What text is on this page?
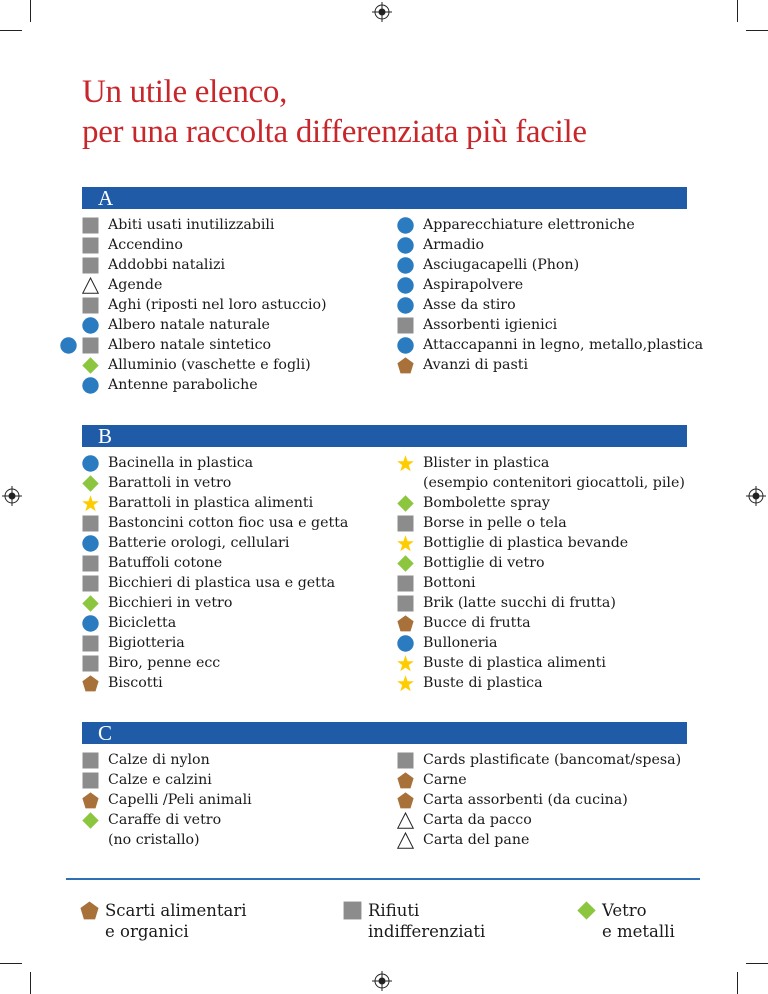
Un utile elenco,
per una raccolta differenziata più facile
A
Abiti usati inutilizzabili
Accendino
Addobbi natalizi
Agende
Aghi (riposti nel loro astuccio)
Albero natale naturale
Albero natale sintetico
Alluminio (vaschette e fogli)
Antenne paraboliche
Apparecchiature elettroniche
Armadio
Asciugacapelli (Phon)
Aspirapolvere
Asse da stiro
Assorbenti igienici
Attaccapanni in legno, metallo,plastica
Avanzi di pasti
B
Bacinella in plastica
Barattoli in vetro
Barattoli in plastica alimenti
Bastoncini cotton fioc usa e getta
Batterie orologi, cellulari
Batuffoli cotone
Bicchieri di plastica usa e getta
Bicchieri in vetro
Bicicletta
Bigiotteria
Biro, penne ecc
Biscotti
Blister in plastica
(esempio contenitori giocattoli, pile)
Bombolette spray
Borse in pelle o tela
Bottiglie di plastica bevande
Bottiglie di vetro
Bottoni
Brik (latte succhi di frutta)
Bucce di frutta
Bulloneria
Buste di plastica alimenti
Buste di plastica
C
Calze di nylon
Calze e calzini
Capelli /Peli animali
Caraffe di vetro
(no cristallo)
Cards plastificate (bancomat/spesa)
Carne
Carta assorbenti (da cucina)
Carta da pacco
Carta del pane
Scarti alimentari
e organici
Rifiuti
indifferenziati
Vetro
e metalli
